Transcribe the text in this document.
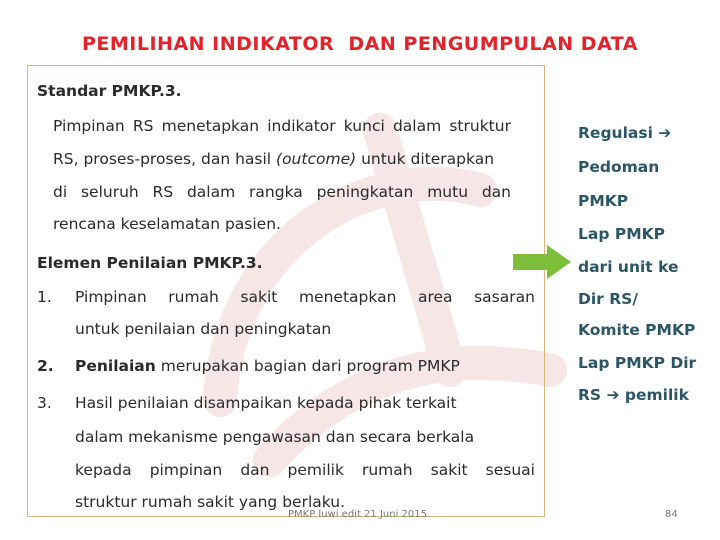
PEMILIHAN INDIKATOR  DAN PENGUMPULAN DATA
Standar PMKP.3.
Pimpinan RS menetapkan indikator kunci dalam struktur
RS, proses-proses, dan hasil (outcome) untuk diterapkan
di seluruh RS dalam rangka peningkatan mutu dan
rencana keselamatan pasien.
Elemen Penilaian PMKP.3.
1. Pimpinan rumah sakit menetapkan area sasaran
untuk penilaian dan peningkatan
2. Penilaian merupakan bagian dari program PMKP
3. Hasil penilaian disampaikan kepada pihak terkait
dalam mekanisme pengawasan dan secara berkala
kepada pimpinan dan pemilik rumah sakit sesuai
struktur rumah sakit yang berlaku.
Regulasi ➔
Pedoman
PMKP
Lap PMKP
dari unit ke
Dir RS/
Komite PMKP
Lap PMKP Dir
RS ➔ pemilik
PMKP luwi edit 21 Juni 2015	84
